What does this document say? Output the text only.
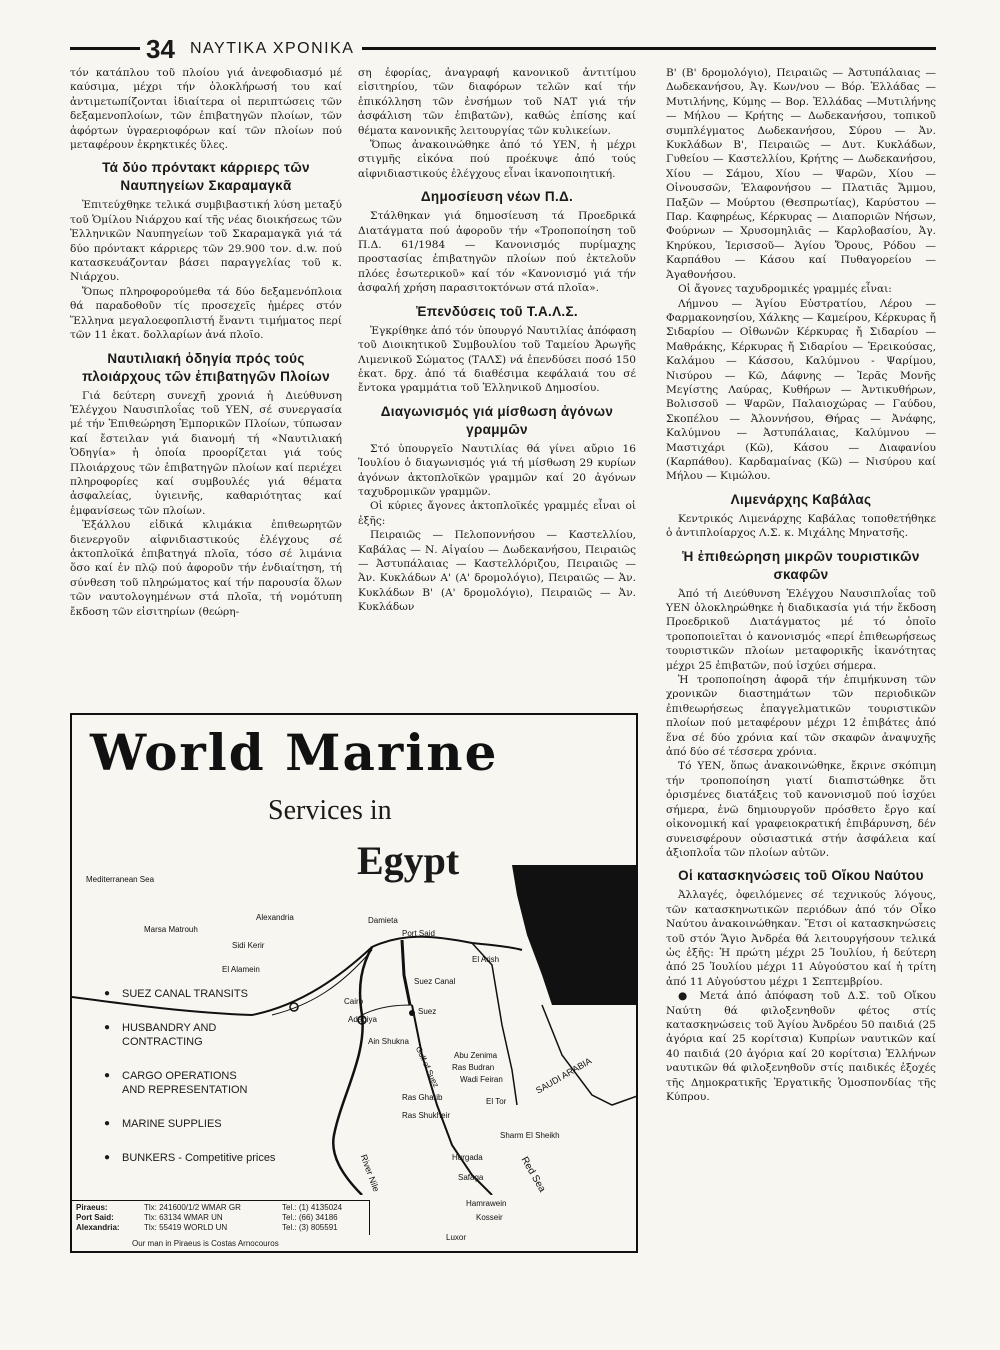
34 ΝΑΥΤΙΚΑ ΧΡΟΝΙΚΑ

τόν κατάπλου τοῦ πλοίου γιά ἀνεφοδιασμό μέ καύσιμα, μέχρι τήν ὁλοκλήρωσή του καί ἀντιμετωπίζονται ἰδιαίτερα οἱ περιπτώσεις τῶν δεξαμενοπλοίων, τῶν ἐπιβατηγῶν πλοίων, τῶν ἀφόρτων ὑγραεριοφόρων καί τῶν πλοίων πού μεταφέρουν ἐκρηκτικές ὕλες.

Τά δύο πρόντακτ κάρριερς τῶν Ναυπηγείων Σκαραμαγκᾶ

Ἐπιτεύχθηκε τελικά συμβιβαστική λύση μεταξύ τοῦ Ὁμίλου Νιάρχου καί τῆς νέας διοικήσεως τῶν Ἑλληνικῶν Ναυπηγείων τοῦ Σκαραμαγκᾶ γιά τά δύο πρόντακτ κάρριερς τῶν 29.900 τον. d.w. πού κατασκευάζονταν βάσει παραγγελίας τοῦ κ. Νιάρχου.

Ὅπως πληροφορούμεθα τά δύο δεξαμενόπλοια θά παραδοθοῦν τίς προσεχεῖς ἡμέρες στόν Ἕλληνα μεγαλοεφοπλιστή ἔναντι τιμήματος περί τῶν 11 ἑκατ. δολλαρίων ἀνά πλοῖο.

Ναυτιλιακή ὁδηγία πρός τούς πλοιάρχους τῶν ἐπιβατηγῶν Πλοίων

Γιά δεύτερη συνεχῆ χρονιά ἡ Διεύθυνση Ἐλέγχου Ναυσιπλοΐας τοῦ ΥΕΝ, σέ συνεργασία μέ τήν Ἐπιθεώρηση Ἐμπορικῶν Πλοίων, τύπωσαν καί ἔστειλαν γιά διανομή τή «Ναυτιλιακή Ὁδηγία» ἡ ὁποία προορίζεται γιά τούς Πλοιάρχους τῶν ἐπιβατηγῶν πλοίων καί περιέχει πληροφορίες καί συμβουλές γιά θέματα ἀσφαλείας, ὑγιεινῆς, καθαριότητας καί ἐμφανίσεως τῶν πλοίων.

Ἐξάλλου εἰδικά κλιμάκια ἐπιθεωρητῶν διενεργοῦν αἰφνιδιαστικούς ἐλέγχους σέ ἀκτοπλοϊκά ἐπιβατηγά πλοῖα, τόσο σέ λιμάνια ὅσο καί ἐν πλῷ πού ἀφοροῦν τήν ἐνδιαίτηση, τή σύνθεση τοῦ πληρώματος καί τήν παρουσία ὅλων τῶν ναυτολογημένων στά πλοῖα, τή νομότυπη ἔκδοση τῶν εἰσιτηρίων (θεώρη-

ση ἐφορίας, ἀναγραφή κανονικοῦ ἀντιτίμου εἰσιτηρίου, τῶν διαφόρων τελῶν καί τήν ἐπικόλληση τῶν ἐνσήμων τοῦ ΝΑΤ γιά τήν ἀσφάλιση τῶν ἐπιβατῶν), καθώς ἐπίσης καί θέματα κανονικῆς λειτουργίας τῶν κυλικείων.

Ὅπως ἀνακοινώθηκε ἀπό τό ΥΕΝ, ἡ μέχρι στιγμῆς εἰκόνα πού προέκυψε ἀπό τούς αἰφνιδιαστικούς ἐλέγχους εἶναι ἱκανοποιητική.

Δημοσίευση νέων Π.Δ.

Στάλθηκαν γιά δημοσίευση τά Προεδρικά Διατάγματα πού ἀφοροῦν τήν «Τροποποίηση τοῦ Π.Δ. 61/1984 — Κανονισμός πυρίμαχης προστασίας ἐπιβατηγῶν πλοίων πού ἐκτελοῦν πλόες ἐσωτερικοῦ» καί τόν «Κανονισμό γιά τήν ἀσφαλή χρήση παρασιτοκτόνων στά πλοῖα».

Ἐπενδύσεις τοῦ Τ.Α.Λ.Σ.

Ἐγκρίθηκε ἀπό τόν ὑπουργό Ναυτιλίας ἀπόφαση τοῦ Διοικητικοῦ Συμβουλίου τοῦ Ταμείου Ἀρωγῆς Λιμενικοῦ Σώματος (ΤΑΛΣ) νά ἐπενδύσει ποσό 150 ἑκατ. δρχ. ἀπό τά διαθέσιμα κεφάλαιά του σέ ἔντοκα γραμμάτια τοῦ Ἑλληνικοῦ Δημοσίου.

Διαγωνισμός γιά μίσθωση ἀγόνων γραμμῶν

Στό ὑπουργεῖο Ναυτιλίας θά γίνει αὔριο 16 Ἰουλίου ὁ διαγωνισμός γιά τή μίσθωση 29 κυρίων ἀγόνων ἀκτοπλοϊκῶν γραμμῶν καί 20 ἀγόνων ταχυδρομικῶν γραμμῶν.

Οἱ κύριες ἄγονες ἀκτοπλοϊκές γραμμές εἶναι οἱ ἑξῆς:

Πειραιῶς — Πελοποννήσου — Καστελλίου, Καβάλας — Ν. Αἰγαίου — Δωδεκανήσου, Πειραιῶς — Ἀστυπάλαιας — Καστελλόριζου, Πειραιῶς — Ἀν. Κυκλάδων Α' (Α' δρομολόγιο), Πειραιῶς — Ἀν. Κυκλάδων Β' (Α' δρομολόγιο), Πειραιῶς — Ἀν. Κυκλάδων

Β' (Β' δρομολόγιο), Πειραιῶς — Ἀστυπάλαιας — Δωδεκανήσου, Ἀγ. Κων/νου — Βόρ. Ἑλλάδας — Μυτιλήνης, Κύμης — Βορ. Ἑλλάδας —Μυτιλήνης — Μήλου — Κρήτης — Δωδεκανήσου, τοπικοῦ συμπλέγματος Δωδεκανήσου, Σύρου — Ἀν. Κυκλάδων Β', Πειραιῶς — Δυτ. Κυκλάδων, Γυθείου — Καστελλίου, Κρήτης — Δωδεκανήσου, Χίου — Σάμου, Χίου — Ψαρῶν, Χίου — Οἰνουσσῶν, Ἐλαφονήσου — Πλατιᾶς Ἄμμου, Παξῶν — Μούρτου (Θεσπρωτίας), Καρύστου — Παρ. Καφηρέως, Κέρκυρας — Διαποριῶν Νήσων, Φούρνων — Χρυσομηλιᾶς — Καρλοβασίου, Ἀγ. Κηρύκου, Ἱερισσοῦ— Ἁγίου Ὄρους, Ρόδου — Καρπάθου — Κάσου καί Πυθαγορείου — Ἀγαθονήσου.

Οἱ ἄγονες ταχυδρομικές γραμμές εἶναι:

Λήμνου — Ἁγίου Εὐστρατίου, Λέρου — Φαρμακονησίου, Χάλκης — Καμείρου, Κέρκυρας ἤ Σιδαρίου — Οἰθωνῶν Κέρκυρας ἤ Σιδαρίου — Μαθράκης, Κέρκυρας ἤ Σιδαρίου — Ἐρεικούσας, Καλάμου — Κάσσου, Καλύμνου - Ψαρίμου, Νισύρου — Κῶ, Δάφνης — Ἱερᾶς Μονῆς Μεγίστης Λαύρας, Κυθήρων — Ἀντικυθήρων, Βολισσοῦ — Ψαρῶν, Παλαιοχώρας — Γαύδου, Σκοπέλου — Ἀλοννήσου, Θήρας — Ἀνάφης, Καλύμνου — Ἀστυπάλαιας, Καλύμνου — Μαστιχάρι (Κῶ), Κάσου — Διαφανίου (Καρπάθου). Καρδαμαίνας (Κῶ) — Νισύρου καί Μήλου — Κιμώλου.

Λιμενάρχης Καβάλας

Κεντρικός Λιμενάρχης Καβάλας τοποθετήθηκε ὁ ἀντιπλοίαρχος Λ.Σ. κ. Μιχάλης Μηνατσῆς.

Ἡ ἐπιθεώρηση μικρῶν τουριστικῶν σκαφῶν

Ἀπό τή Διεύθυνση Ἐλέγχου Ναυσιπλοΐας τοῦ ΥΕΝ ὁλοκληρώθηκε ἡ διαδικασία γιά τήν ἔκδοση Προεδρικοῦ Διατάγματος μέ τό ὁποῖο τροποποιεῖται ὁ κανονισμός «περί ἐπιθεωρήσεως τουριστικῶν πλοίων μεταφορικῆς ἱκανότητας μέχρι 25 ἐπιβατῶν, πού ἰσχύει σήμερα.

Ἡ τροποποίηση ἀφορᾶ τήν ἐπιμήκυνση τῶν χρονικῶν διαστημάτων τῶν περιοδικῶν ἐπιθεωρήσεως ἐπαγγελματικῶν τουριστικῶν πλοίων πού μεταφέρουν μέχρι 12 ἐπιβάτες ἀπό ἕνα σέ δύο χρόνια καί τῶν σκαφῶν ἀναψυχῆς ἀπό δύο σέ τέσσερα χρόνια.

Τό ΥΕΝ, ὅπως ἀνακοινώθηκε, ἔκρινε σκόπιμη τήν τροποποίηση γιατί διαπιστώθηκε ὅτι ὁρισμένες διατάξεις τοῦ κανονισμοῦ πού ἰσχύει σήμερα, ἐνῶ δημιουργοῦν πρόσθετο ἔργο καί οἰκονομική καί γραφειοκρατική ἐπιβάρυνση, δέν συνεισφέρουν οὐσιαστικά στήν ἀσφάλεια καί ἀξιοπλοΐα τῶν πλοίων αὐτῶν.

Οἱ κατασκηνώσεις τοῦ Οἴκου Ναύτου

Ἀλλαγές, ὀφειλόμενες σέ τεχνικούς λόγους, τῶν κατασκηνωτικῶν περιόδων ἀπό τόν Οἶκο Ναύτου ἀνακοινώθηκαν. Ἔτσι οἱ κατασκηνώσεις τοῦ στόν Ἅγιο Ἀνδρέα θά λειτουργήσουν τελικά ὡς ἑξῆς: Ἡ πρώτη μέχρι 25 Ἰουλίου, ἡ δεύτερη ἀπό 25 Ἰουλίου μέχρι 11 Αὐγούστου καί ἡ τρίτη ἀπό 11 Αὐγούστου μέχρι 1 Σεπτεμβρίου.

● Μετά ἀπό ἀπόφαση τοῦ Δ.Σ. τοῦ Οἴκου Ναύτη θά φιλοξενηθοῦν φέτος στίς κατασκηνώσεις τοῦ Ἁγίου Ἀνδρέου 50 παιδιά (25 ἀγόρια καί 25 κορίτσια) Κυπρίων ναυτικῶν καί 40 παιδιά (20 ἀγόρια καί 20 κορίτσια) Ἑλλήνων ναυτικῶν θά φιλοξενηθοῦν στίς παιδικές ἐξοχές τῆς Δημοκρατικῆς Ἐργατικῆς Ὁμοσπονδίας τῆς Κύπρου.

World Marine
Services in
Egypt
Mediterranean Sea
Marsa Matrouh
Alexandria
Sidi Kerir
El Alamein
Damieta
Port Said
El Arish
Suez Canal
Cairo
Adabiya
Suez
Ain Shukna
Gulf of Suez Abu Zenima
Ras Budran
Wadi Feiran
Ras Gharib
Ras Shukheir
El Tor
SAUDI ARABIA
Sharm El Sheikh
Hurgada
Safaga	Red Sea
River Nile
Hamrawein
Kosseir
Luxor
● SUEZ CANAL TRANSITS
● HUSBANDRY AND CONTRACTING
● CARGO OPERATIONS AND REPRESENTATION
● MARINE SUPPLIES
● BUNKERS - Competitive prices
Piraeus:	Tlx: 241600/1/2 WMAR GR	Tel.: (1) 4135024
Port Said:	Tlx: 63134 WMAR UN	Tel.: (66) 34186
Alexandria:	Tlx: 55419 WORLD UN	Tel.: (3) 805591
Our man in Piraeus is Costas Arnocouros
